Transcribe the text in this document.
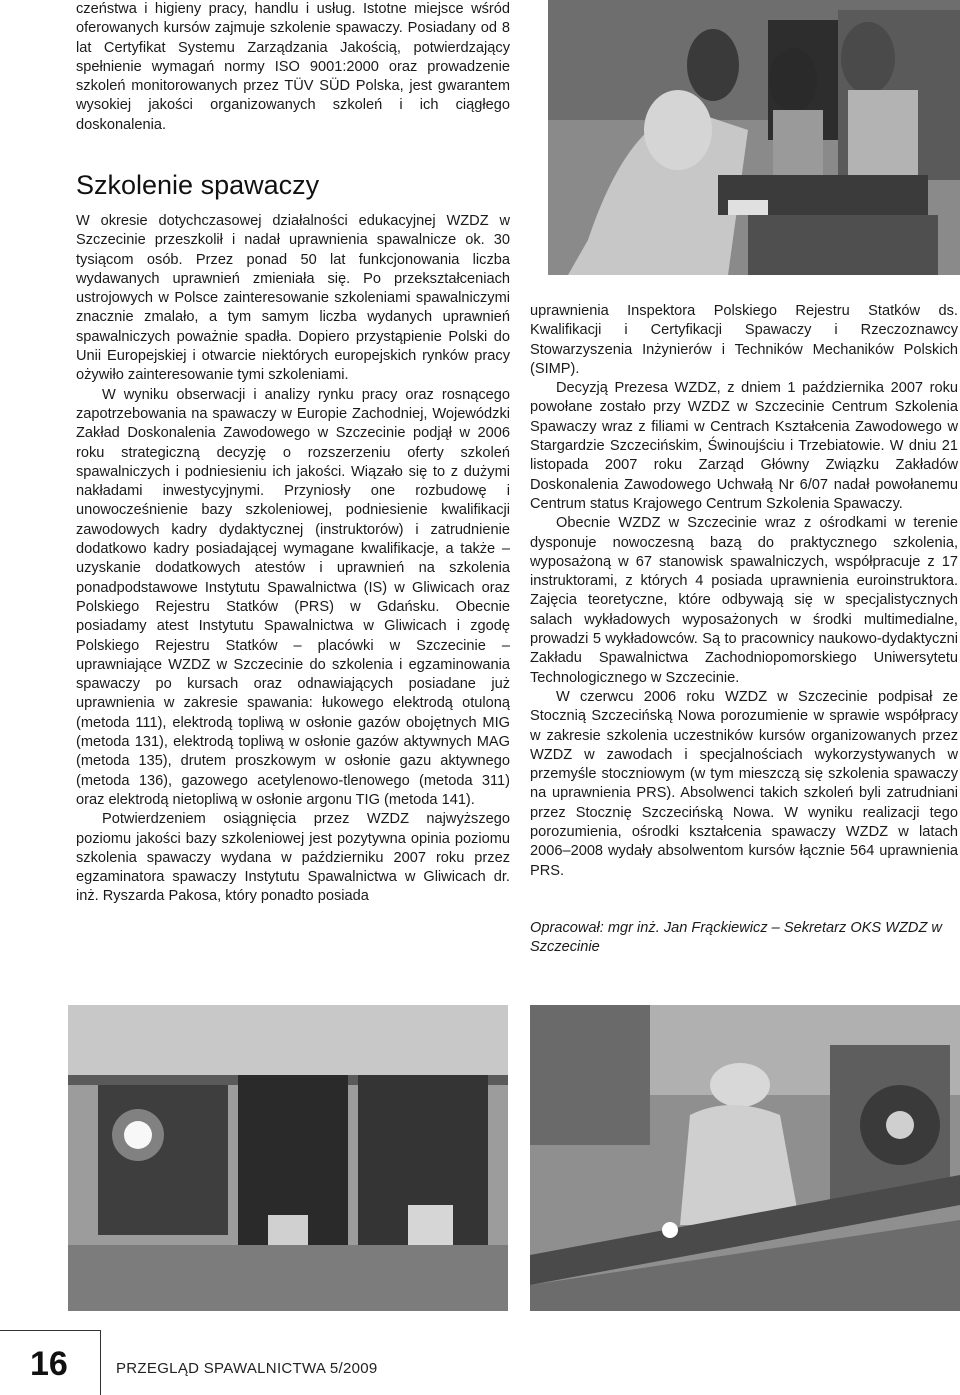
czeństwa i higieny pracy, handlu i usług. Istotne miejsce wśród oferowanych kursów zajmuje szkolenie spawaczy. Posiadany od 8 lat Certyfikat Systemu Zarządzania Jakością, potwierdzający spełnienie wymagań normy ISO 9001:2000 oraz prowadzenie szkoleń monitorowanych przez TÜV SÜD Polska, jest gwarantem wysokiej jakości organizowanych szkoleń i ich ciągłego doskonalenia.

Szkolenie spawaczy

W okresie dotychczasowej działalności edukacyjnej WZDZ w Szczecinie przeszkolił i nadał uprawnienia spawalnicze ok. 30 tysiącom osób. Przez ponad 50 lat funkcjonowania liczba wydawanych uprawnień zmieniała się. Po przekształceniach ustrojowych w Polsce zainteresowanie szkoleniami spawalniczymi znacznie zmalało, a tym samym liczba wydanych uprawnień spawalniczych poważnie spadła. Dopiero przystąpienie Polski do Unii Europejskiej i otwarcie niektórych europejskich rynków pracy ożywiło zainteresowanie tymi szkoleniami.

W wyniku obserwacji i analizy rynku pracy oraz rosnącego zapotrzebowania na spawaczy w Europie Zachodniej, Wojewódzki Zakład Doskonalenia Zawodowego w Szczecinie podjął w 2006 roku strategiczną decyzję o rozszerzeniu oferty szkoleń spawalniczych i podniesieniu ich jakości. Wiązało się to z dużymi nakładami inwestycyjnymi. Przyniosły one rozbudowę i unowocześnienie bazy szkoleniowej, podniesienie kwalifikacji zawodowych kadry dydaktycznej (instruktorów) i zatrudnienie dodatkowo kadry posiadającej wymagane kwalifikacje, a także – uzyskanie dodatkowych atestów i uprawnień na szkolenia ponadpodstawowe Instytutu Spawalnictwa (IS) w Gliwicach oraz Polskiego Rejestru Statków (PRS) w Gdańsku. Obecnie posiadamy atest Instytutu Spawalnictwa w Gliwicach i zgodę Polskiego Rejestru Statków – placówki w Szczecinie – uprawniające WZDZ w Szczecinie do szkolenia i egzaminowania spawaczy po kursach oraz odnawiających posiadane już uprawnienia w zakresie spawania: łukowego elektrodą otuloną (metoda 111), elektrodą topliwą w osłonie gazów obojętnych MIG (metoda 131), elektrodą topliwą w osłonie gazów aktywnych MAG (metoda 135), drutem proszkowym w osłonie gazu aktywnego (metoda 136), gazowego acetylenowo-tlenowego (metoda 311) oraz elektrodą nietopliwą w osłonie argonu TIG (metoda 141).

Potwierdzeniem osiągnięcia przez WZDZ najwyższego poziomu jakości bazy szkoleniowej jest pozytywna opinia poziomu szkolenia spawaczy wydana w październiku 2007 roku przez egzaminatora spawaczy Instytutu Spawalnictwa w Gliwicach dr. inż. Ryszarda Pakosa, który ponadto posiada

uprawnienia Inspektora Polskiego Rejestru Statków ds. Kwalifikacji i Certyfikacji Spawaczy i Rzeczoznawcy Stowarzyszenia Inżynierów i Techników Mechaników Polskich (SIMP).

Decyzją Prezesa WZDZ, z dniem 1 października 2007 roku powołane zostało przy WZDZ w Szczecinie Centrum Szkolenia Spawaczy wraz z filiami w Centrach Kształcenia Zawodowego w Stargardzie Szczecińskim, Świnoujściu i Trzebiatowie. W dniu 21 listopada 2007 roku Zarząd Główny Związku Zakładów Doskonalenia Zawodowego Uchwałą Nr 6/07 nadał powołanemu Centrum status Krajowego Centrum Szkolenia Spawaczy.

Obecnie WZDZ w Szczecinie wraz z ośrodkami w terenie dysponuje nowoczesną bazą do praktycznego szkolenia, wyposażoną w 67 stanowisk spawalniczych, współpracuje z 17 instruktorami, z których 4 posiada uprawnienia euroinstruktora. Zajęcia teoretyczne, które odbywają się w specjalistycznych salach wykładowych wyposażonych w środki multimedialne, prowadzi 5 wykładowców. Są to pracownicy naukowo-dydaktyczni Zakładu Spawalnictwa Zachodniopomorskiego Uniwersytetu Technologicznego w Szczecinie.

W czerwcu 2006 roku WZDZ w Szczecinie podpisał ze Stocznią Szczecińską Nowa porozumienie w sprawie współpracy w zakresie szkolenia uczestników kursów organizowanych przez WZDZ w zawodach i specjalnościach wykorzystywanych w przemyśle stoczniowym (w tym mieszczą się szkolenia spawaczy na uprawnienia PRS). Absolwenci takich szkoleń byli zatrudniani przez Stocznię Szczecińską Nowa. W wyniku realizacji tego porozumienia, ośrodki kształcenia spawaczy WZDZ w latach 2006–2008 wydały absolwentom kursów łącznie 564 uprawnienia PRS.

Opracował: mgr inż. Jan Frąckiewicz – Sekretarz OKS WZDZ w Szczecinie

16	PRZEGLĄD SPAWALNICTWA 5/2009
